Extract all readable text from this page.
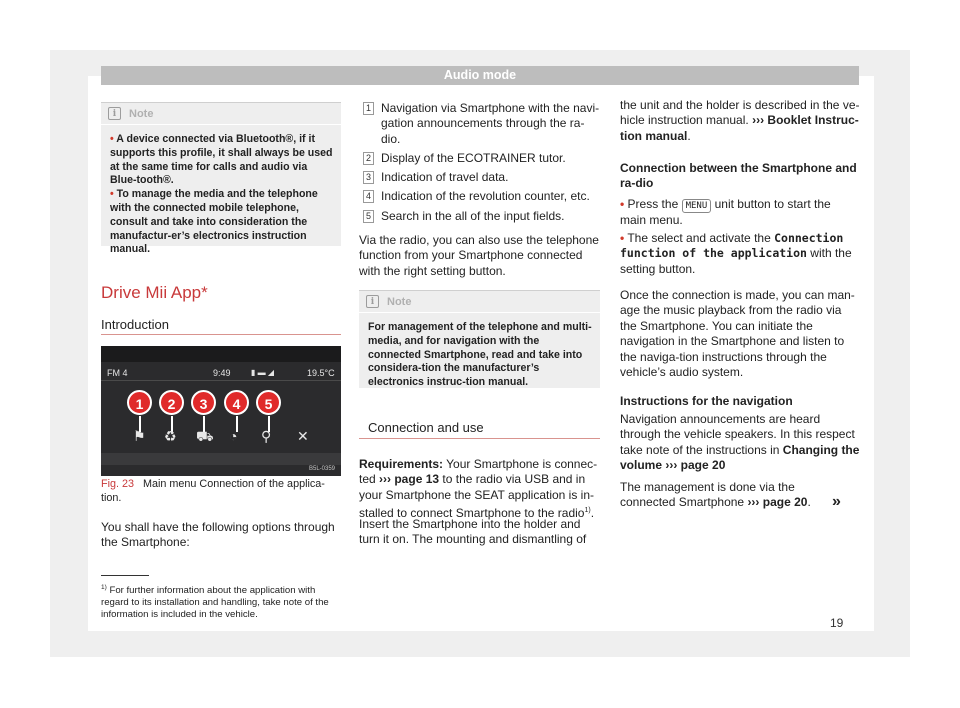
Audio mode
i	Note
• A device connected via Bluetooth®, if it supports this profile, it shall always be used at the same time for calls and audio via Blue-tooth®.
• To manage the media and the telephone with the connected mobile telephone, consult and take into consideration the manufactur-er’s electronics instruction manual.
Drive Mii App*
Introduction
FM 4	9:49	▮ ▬ ◢	19.5°C
1	2	3	4	5
⚑ ♻ ⛟ ◔ ⚲ ✕
B5L-0359
Fig. 23 Main menu Connection of the applica-tion.
You shall have the following options through the Smartphone:
1 Navigation via Smartphone with the navi-gation announcements through the ra-dio.
2 Display of the ECOTRAINER tutor.
3 Indication of travel data.
4 Indication of the revolution counter, etc.
5 Search in the all of the input fields.
Via the radio, you can also use the telephone function from your Smartphone connected with the right setting button.
i	Note
For management of the telephone and multi-media, and for navigation with the connected Smartphone, read and take into considera-tion the manufacturer’s electronics instruc-tion manual.
Connection and use
Requirements: Your Smartphone is connec-ted ››› page 13 to the radio via USB and in your Smartphone the SEAT application is in-stalled to connect Smartphone to the radio$^{1)}$.
Insert the Smartphone into the holder and turn it on. The mounting and dismantling of
the unit and the holder is described in the ve-hicle instruction manual. ››› Booklet Instruc-tion manual.
Connection between the Smartphone and ra-dio
• Press the MENU unit button to start the main menu.
• The select and activate the Connection function of the application with the setting button.
Once the connection is made, you can man-age the music playback from the radio via the Smartphone. You can initiate the navigation in the Smartphone and listen to the naviga-tion instructions through the vehicle’s audio system.
Instructions for the navigation
Navigation announcements are heard through the vehicle speakers. In this respect take note of the instructions in Changing the volume ››› page 20
The management is done via the connected Smartphone ››› page 20.	»
$^{1)}$ For further information about the application with regard to its installation and handling, take note of the information is included in the vehicle.
19
